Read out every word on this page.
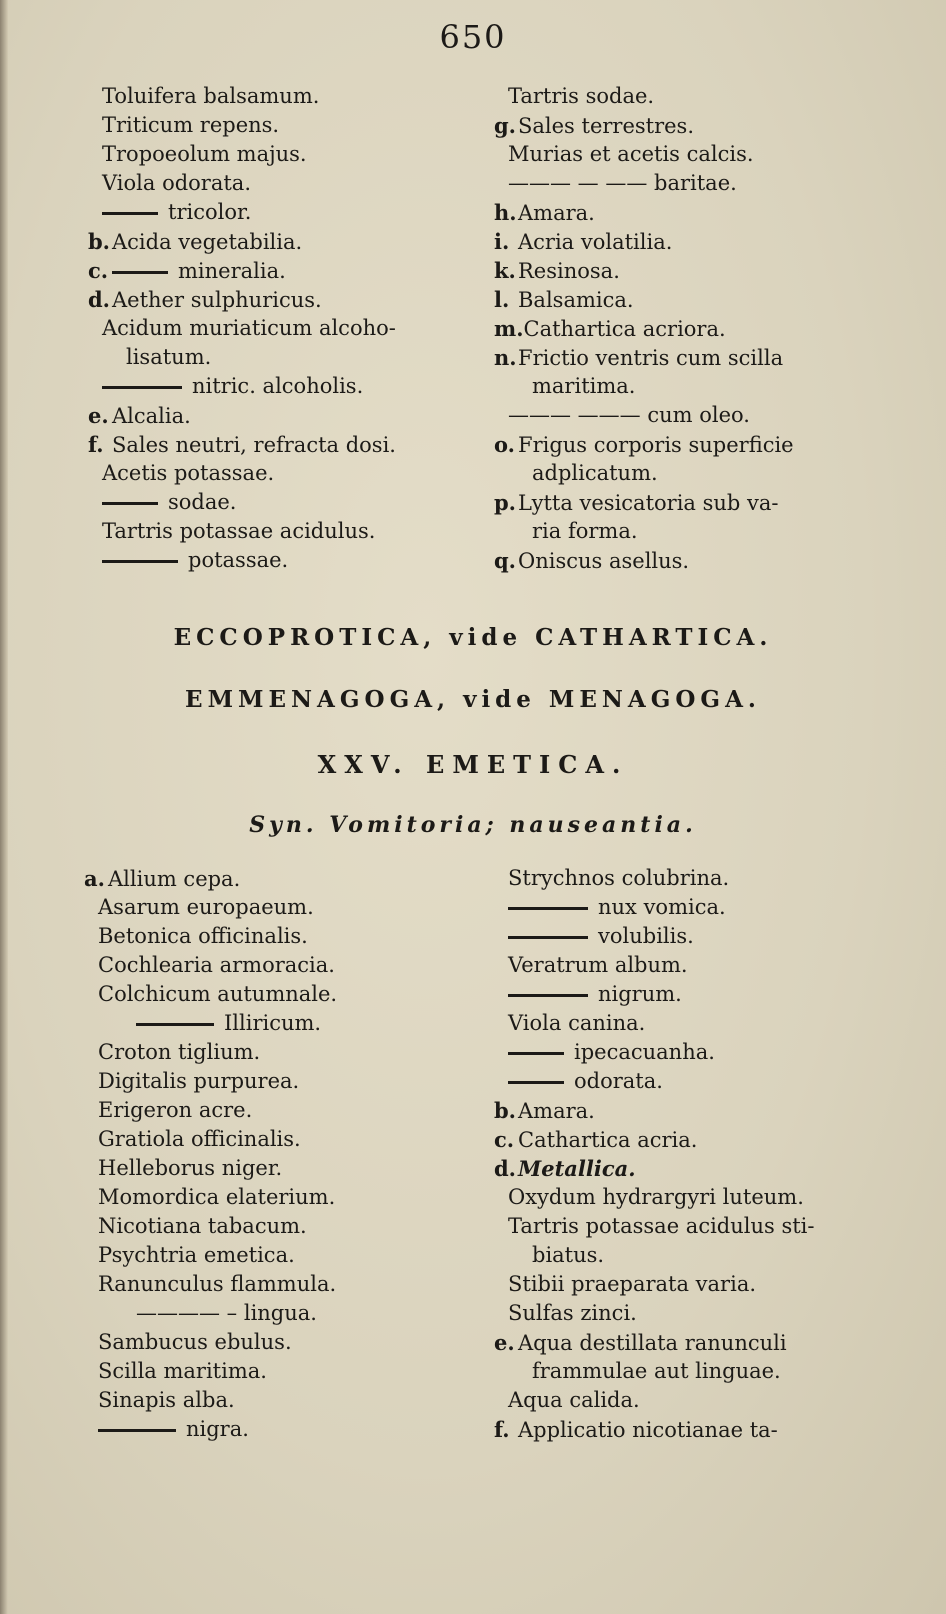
650
Toluifera balsamum.
Triticum repens.
Tropoeolum majus.
Viola odorata.
tricolor.
b.Acida vegetabilia.
c.	mineralia.
d.Aether sulphuricus.
Acidum muriaticum alcoho-
lisatum.
nitric. alcoholis.
e. Alcalia.
f. Sales neutri, refracta dosi.
Acetis potassae.
sodae.
Tartris potassae acidulus.
potassae.
Tartris sodae.
g.Sales terrestres.
Murias et acetis calcis.
——— — —— baritae.
h.Amara.
i. Acria volatilia.
k. Resinosa.
l. Balsamica.
m.Cathartica acriora.
n.Frictio ventris cum scilla
maritima.
——— ——— cum oleo.
o. Frigus corporis superficie
adplicatum.
p.Lytta vesicatoria sub va-
ria forma.
q.Oniscus asellus.
ECCOPROTICA, vide CATHARTICA.
EMMENAGOGA, vide MENAGOGA.
XXV. EMETICA.
Syn. Vomitoria; nauseantia.
a. Allium cepa.
Asarum europaeum.
Betonica officinalis.
Cochlearia armoracia.
Colchicum autumnale.
Illiricum.
Croton tiglium.
Digitalis purpurea.
Erigeron acre.
Gratiola officinalis.
Helleborus niger.
Momordica elaterium.
Nicotiana tabacum.
Psychtria emetica.
Ranunculus flammula.
———— – lingua.
Sambucus ebulus.
Scilla maritima.
Sinapis alba.
nigra.
Strychnos colubrina.
nux vomica.
volubilis.
Veratrum album.
nigrum.
Viola canina.
ipecacuanha.
odorata.
b.Amara.
c. Cathartica acria.
d.Metallica.
Oxydum hydrargyri luteum.
Tartris potassae acidulus sti-
biatus.
Stibii praeparata varia.
Sulfas zinci.
e. Aqua destillata ranunculi
frammulae aut linguae.
Aqua calida.
f. Applicatio nicotianae ta-
